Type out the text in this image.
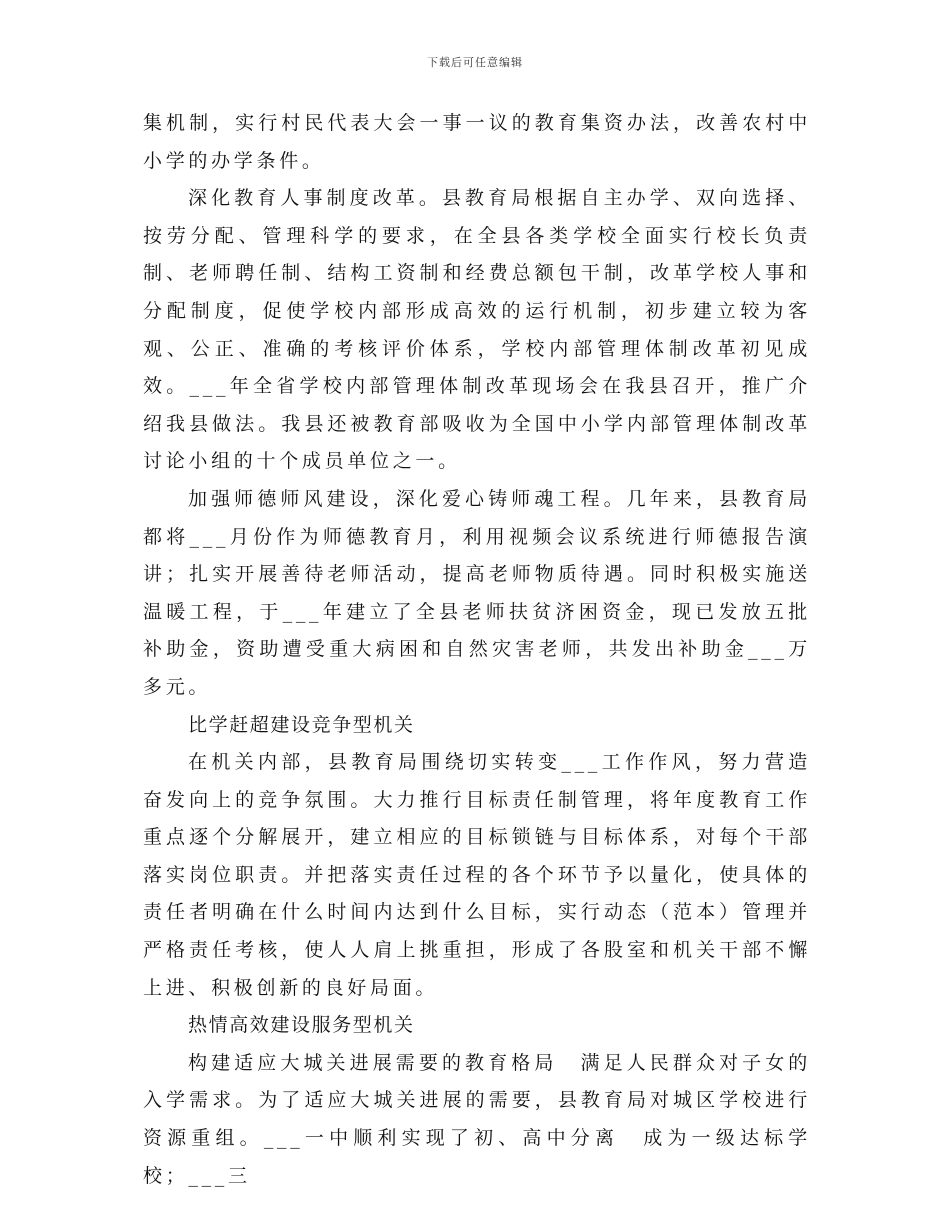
下载后可任意编辑

集机制，实行村民代表大会一事一议的教育集资办法，改善农村中小学的办学条件。

深化教育人事制度改革。县教育局根据自主办学、双向选择、按劳分配、管理科学的要求，在全县各类学校全面实行校长负责制、老师聘任制、结构工资制和经费总额包干制，改革学校人事和分配制度，促使学校内部形成高效的运行机制，初步建立较为客观、公正、准确的考核评价体系，学校内部管理体制改革初见成效。___年全省学校内部管理体制改革现场会在我县召开，推广介绍我县做法。我县还被教育部吸收为全国中小学内部管理体制改革讨论小组的十个成员单位之一。

加强师德师风建设，深化爱心铸师魂工程。几年来，县教育局都将___月份作为师德教育月，利用视频会议系统进行师德报告演讲；扎实开展善待老师活动，提高老师物质待遇。同时积极实施送温暖工程，于___年建立了全县老师扶贫济困资金，现已发放五批补助金，资助遭受重大病困和自然灾害老师，共发出补助金___万多元。

比学赶超建设竞争型机关

在机关内部，县教育局围绕切实转变___工作作风，努力营造奋发向上的竞争氛围。大力推行目标责任制管理，将年度教育工作重点逐个分解展开，建立相应的目标锁链与目标体系，对每个干部落实岗位职责。并把落实责任过程的各个环节予以量化，使具体的责任者明确在什么时间内达到什么目标，实行动态（范本）管理并严格责任考核，使人人肩上挑重担，形成了各股室和机关干部不懈上进、积极创新的良好局面。

热情高效建设服务型机关

构建适应大城关进展需要的教育格局　满足人民群众对子女的入学需求。为了适应大城关进展的需要，县教育局对城区学校进行资源重组。___一中顺利实现了初、高中分离　成为一级达标学校；___三
